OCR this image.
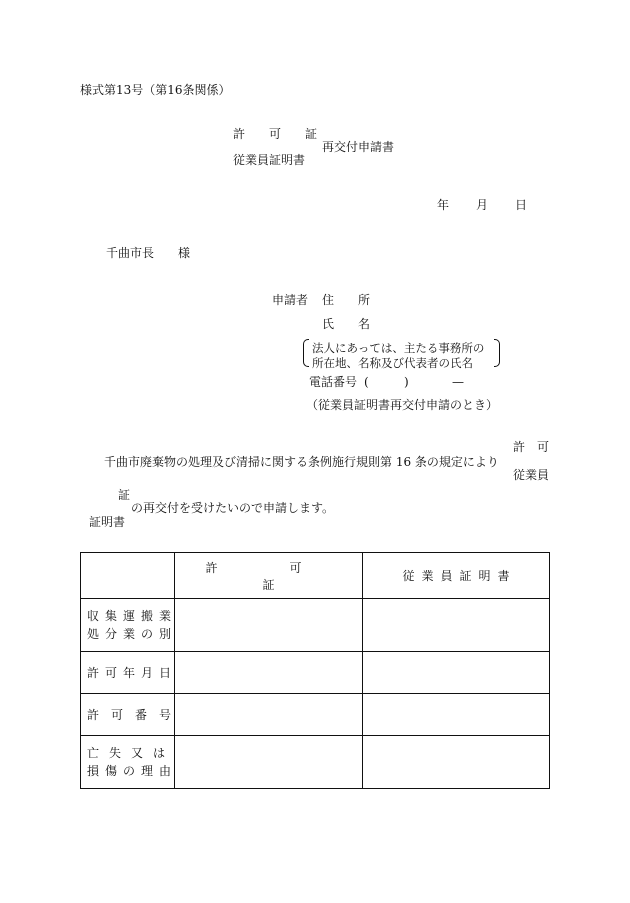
様式第13号（第16条関係）
許 可 証
従業員証明書
再交付申請書
年 月 日
千曲市長　　様
申請者 住　　所
氏　　名
法人にあっては、主たる事務所の
所在地、名称及び代表者の氏名
電話番号 (	)	—
（従業員証明書再交付申請のとき）
許　可
千曲市廃棄物の処理及び清掃に関する条例施行規則第 16 条の規定により
従業員
証
の再交付を受けたいので申請します。
証明書
	許　可　証	従業員証明書

収集運搬業
処分業の別		

許可年月日		

許　可　番　号		

亡失又は
損傷の理由		
